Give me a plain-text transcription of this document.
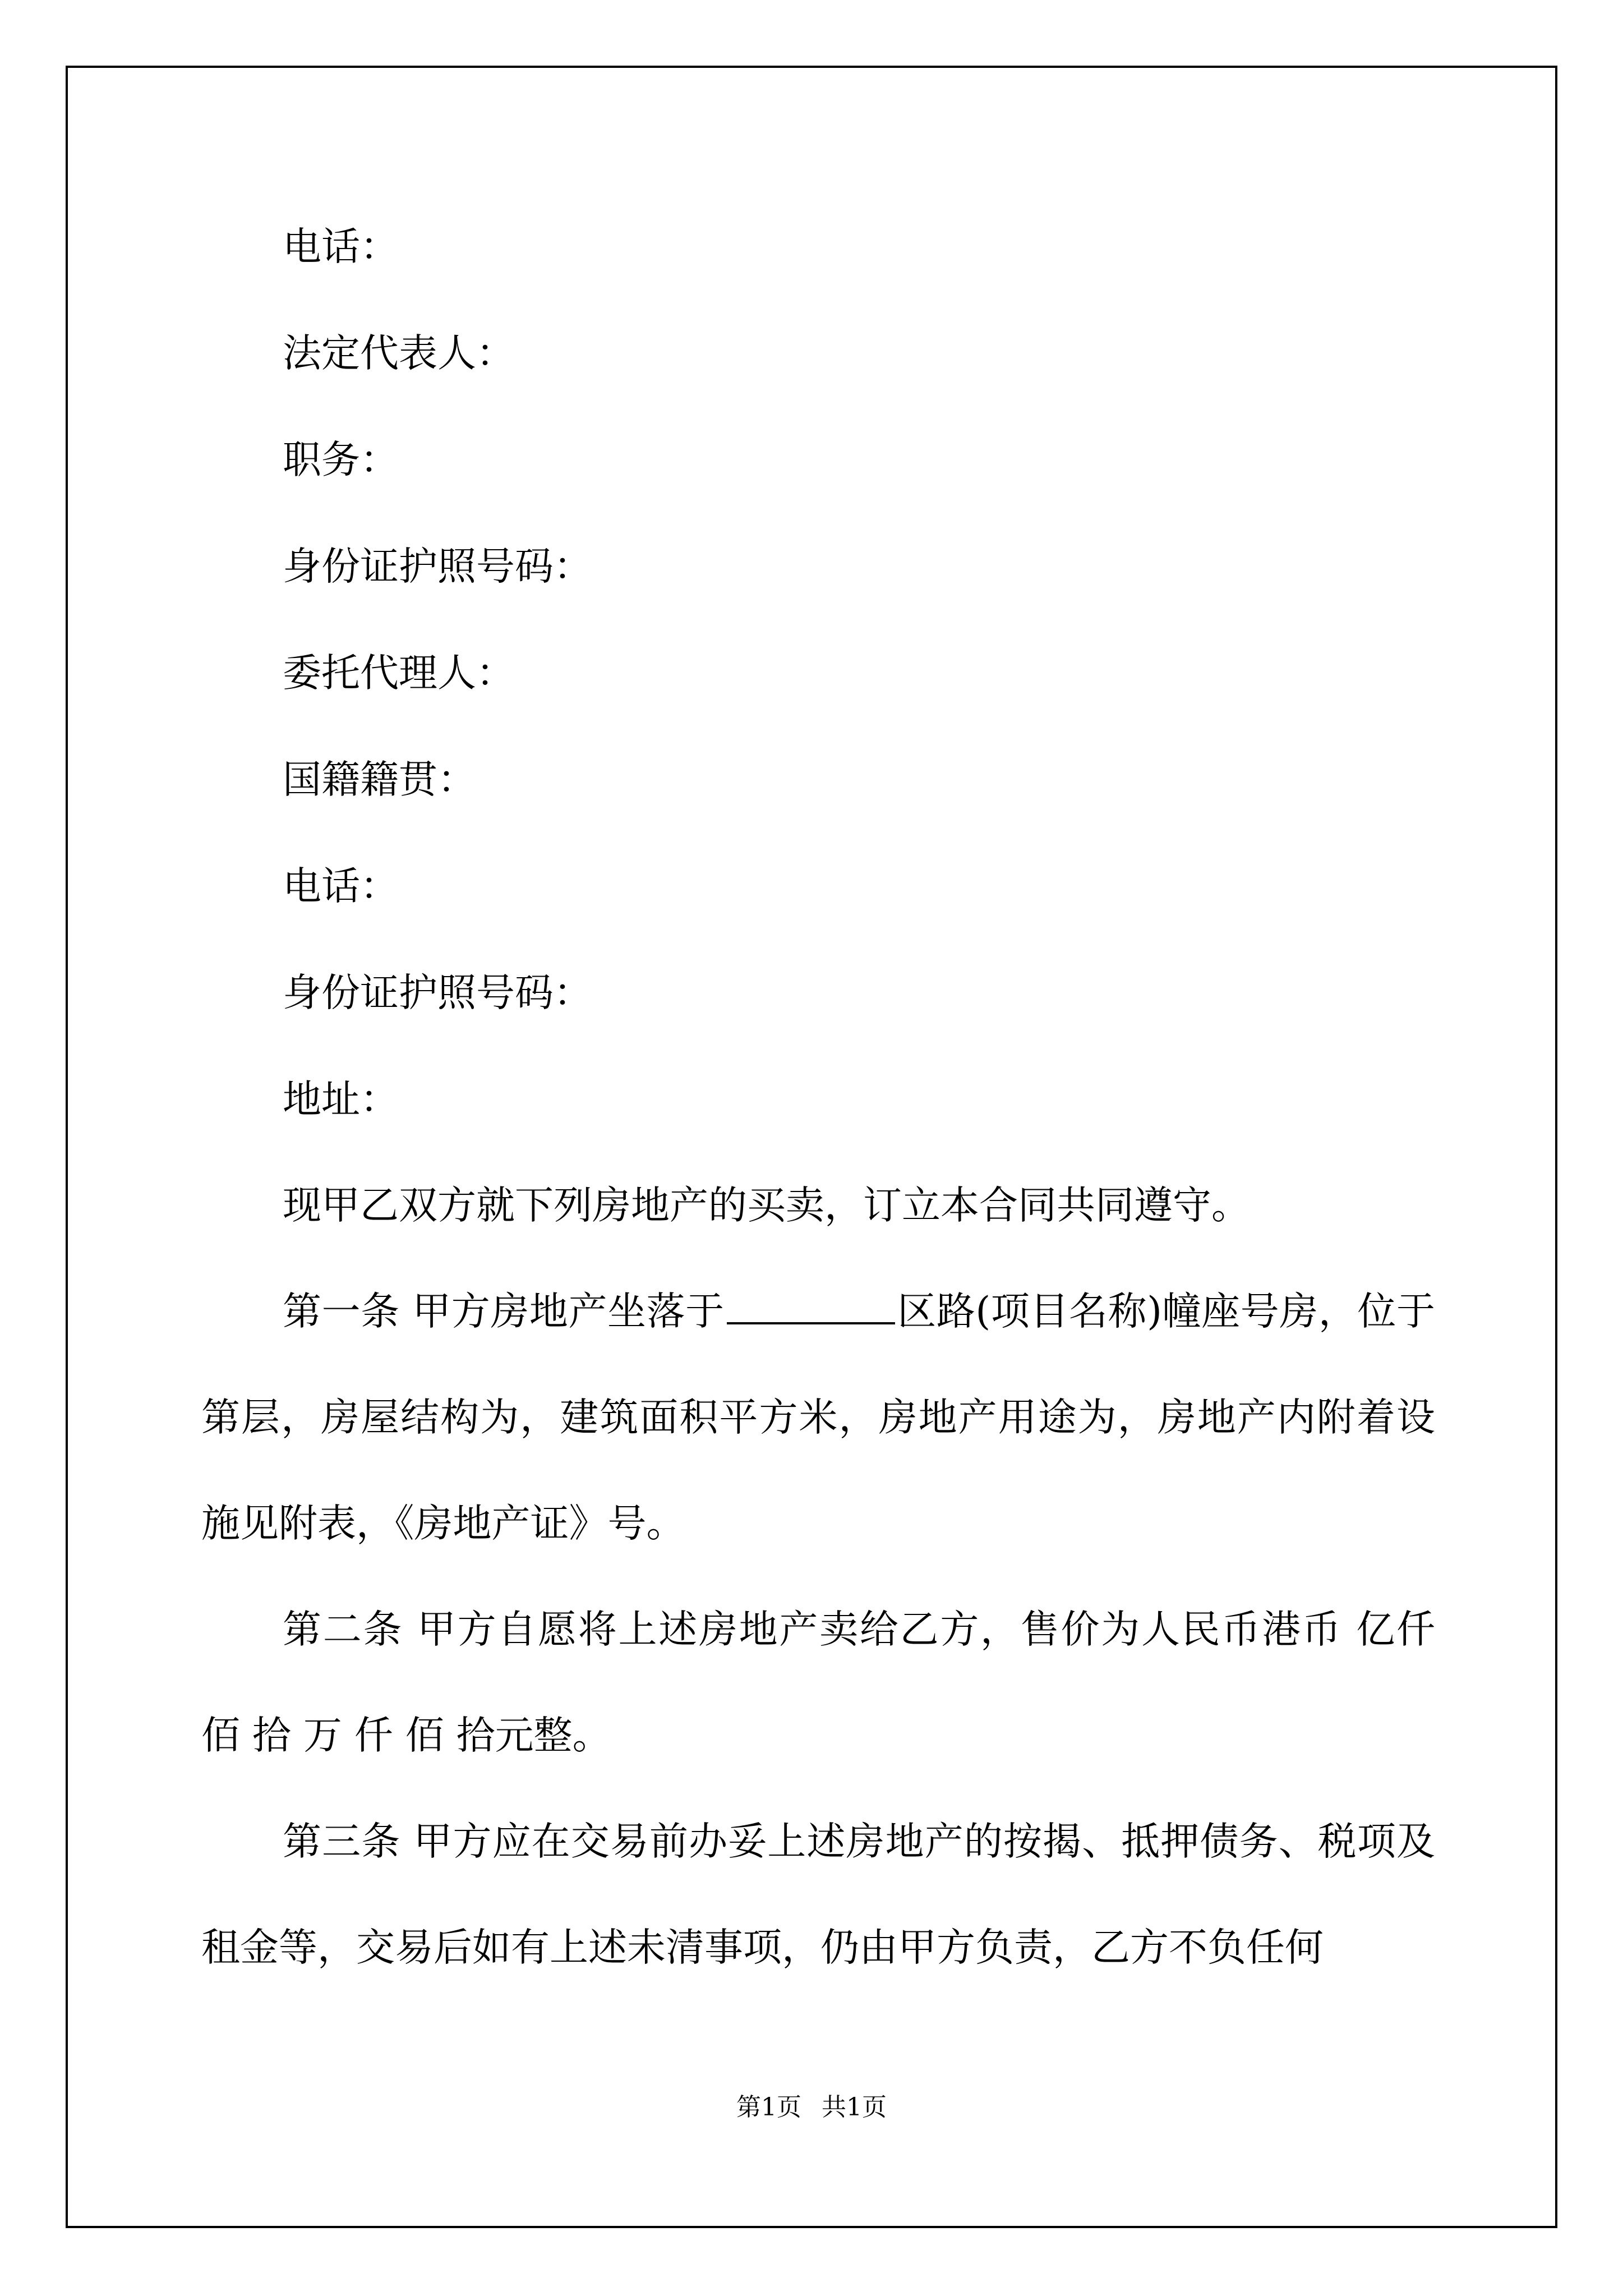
电话：
法定代表人：
职务：
身份证护照号码：
委托代理人：
国籍籍贯：
电话：
身份证护照号码：
地址：

现甲乙双方就下列房地产的买卖，订立本合同共同遵守。

第一条 甲方房地产坐落于	区路(项目名称)幢座号房，位于第层，房屋结构为，建筑面积平方米，房地产用途为，房地产内附着设施见附表，《房地产证》号。

第二条 甲方自愿将上述房地产卖给乙方，售价为人民币港币 亿仟 佰 拾 万 仟 佰 拾元整。

第三条 甲方应在交易前办妥上述房地产的按揭、抵押债务、税项及租金等，交易后如有上述未清事项，仍由甲方负责，乙方不负任何

第1页 共1页
